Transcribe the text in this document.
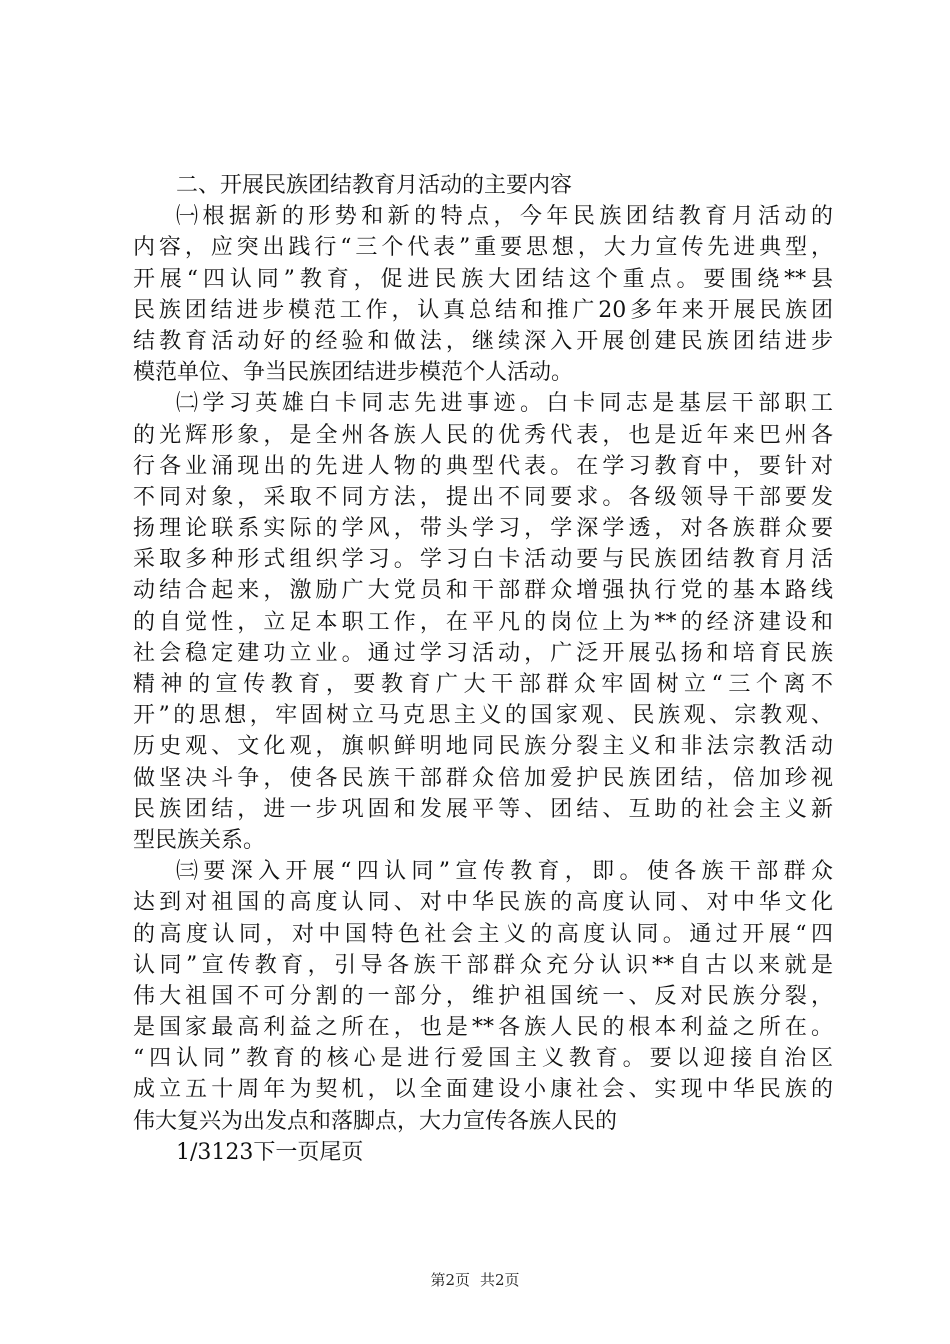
二、开展民族团结教育月活动的主要内容
㈠根据新的形势和新的特点，今年民族团结教育月活动的
内容，应突出践行“三个代表”重要思想，大力宣传先进典型，
开展“四认同”教育，促进民族大团结这个重点。要围绕**县
民族团结进步模范工作，认真总结和推广20多年来开展民族团
结教育活动好的经验和做法，继续深入开展创建民族团结进步
模范单位、争当民族团结进步模范个人活动。
㈡学习英雄白卡同志先进事迹。白卡同志是基层干部职工
的光辉形象，是全州各族人民的优秀代表，也是近年来巴州各
行各业涌现出的先进人物的典型代表。在学习教育中，要针对
不同对象，采取不同方法，提出不同要求。各级领导干部要发
扬理论联系实际的学风，带头学习，学深学透，对各族群众要
采取多种形式组织学习。学习白卡活动要与民族团结教育月活
动结合起来，激励广大党员和干部群众增强执行党的基本路线
的自觉性，立足本职工作，在平凡的岗位上为**的经济建设和
社会稳定建功立业。通过学习活动，广泛开展弘扬和培育民族
精神的宣传教育，要教育广大干部群众牢固树立“三个离不
开”的思想，牢固树立马克思主义的国家观、民族观、宗教观、
历史观、文化观，旗帜鲜明地同民族分裂主义和非法宗教活动
做坚决斗争，使各民族干部群众倍加爱护民族团结，倍加珍视
民族团结，进一步巩固和发展平等、团结、互助的社会主义新
型民族关系。
㈢要深入开展“四认同”宣传教育，即。使各族干部群众
达到对祖国的高度认同、对中华民族的高度认同、对中华文化
的高度认同，对中国特色社会主义的高度认同。通过开展“四
认同”宣传教育，引导各族干部群众充分认识**自古以来就是
伟大祖国不可分割的一部分，维护祖国统一、反对民族分裂，
是国家最高利益之所在，也是**各族人民的根本利益之所在。
“四认同”教育的核心是进行爱国主义教育。要以迎接自治区
成立五十周年为契机，以全面建设小康社会、实现中华民族的
伟大复兴为出发点和落脚点，大力宣传各族人民的
1/3123下一页尾页
第2页 共2页
